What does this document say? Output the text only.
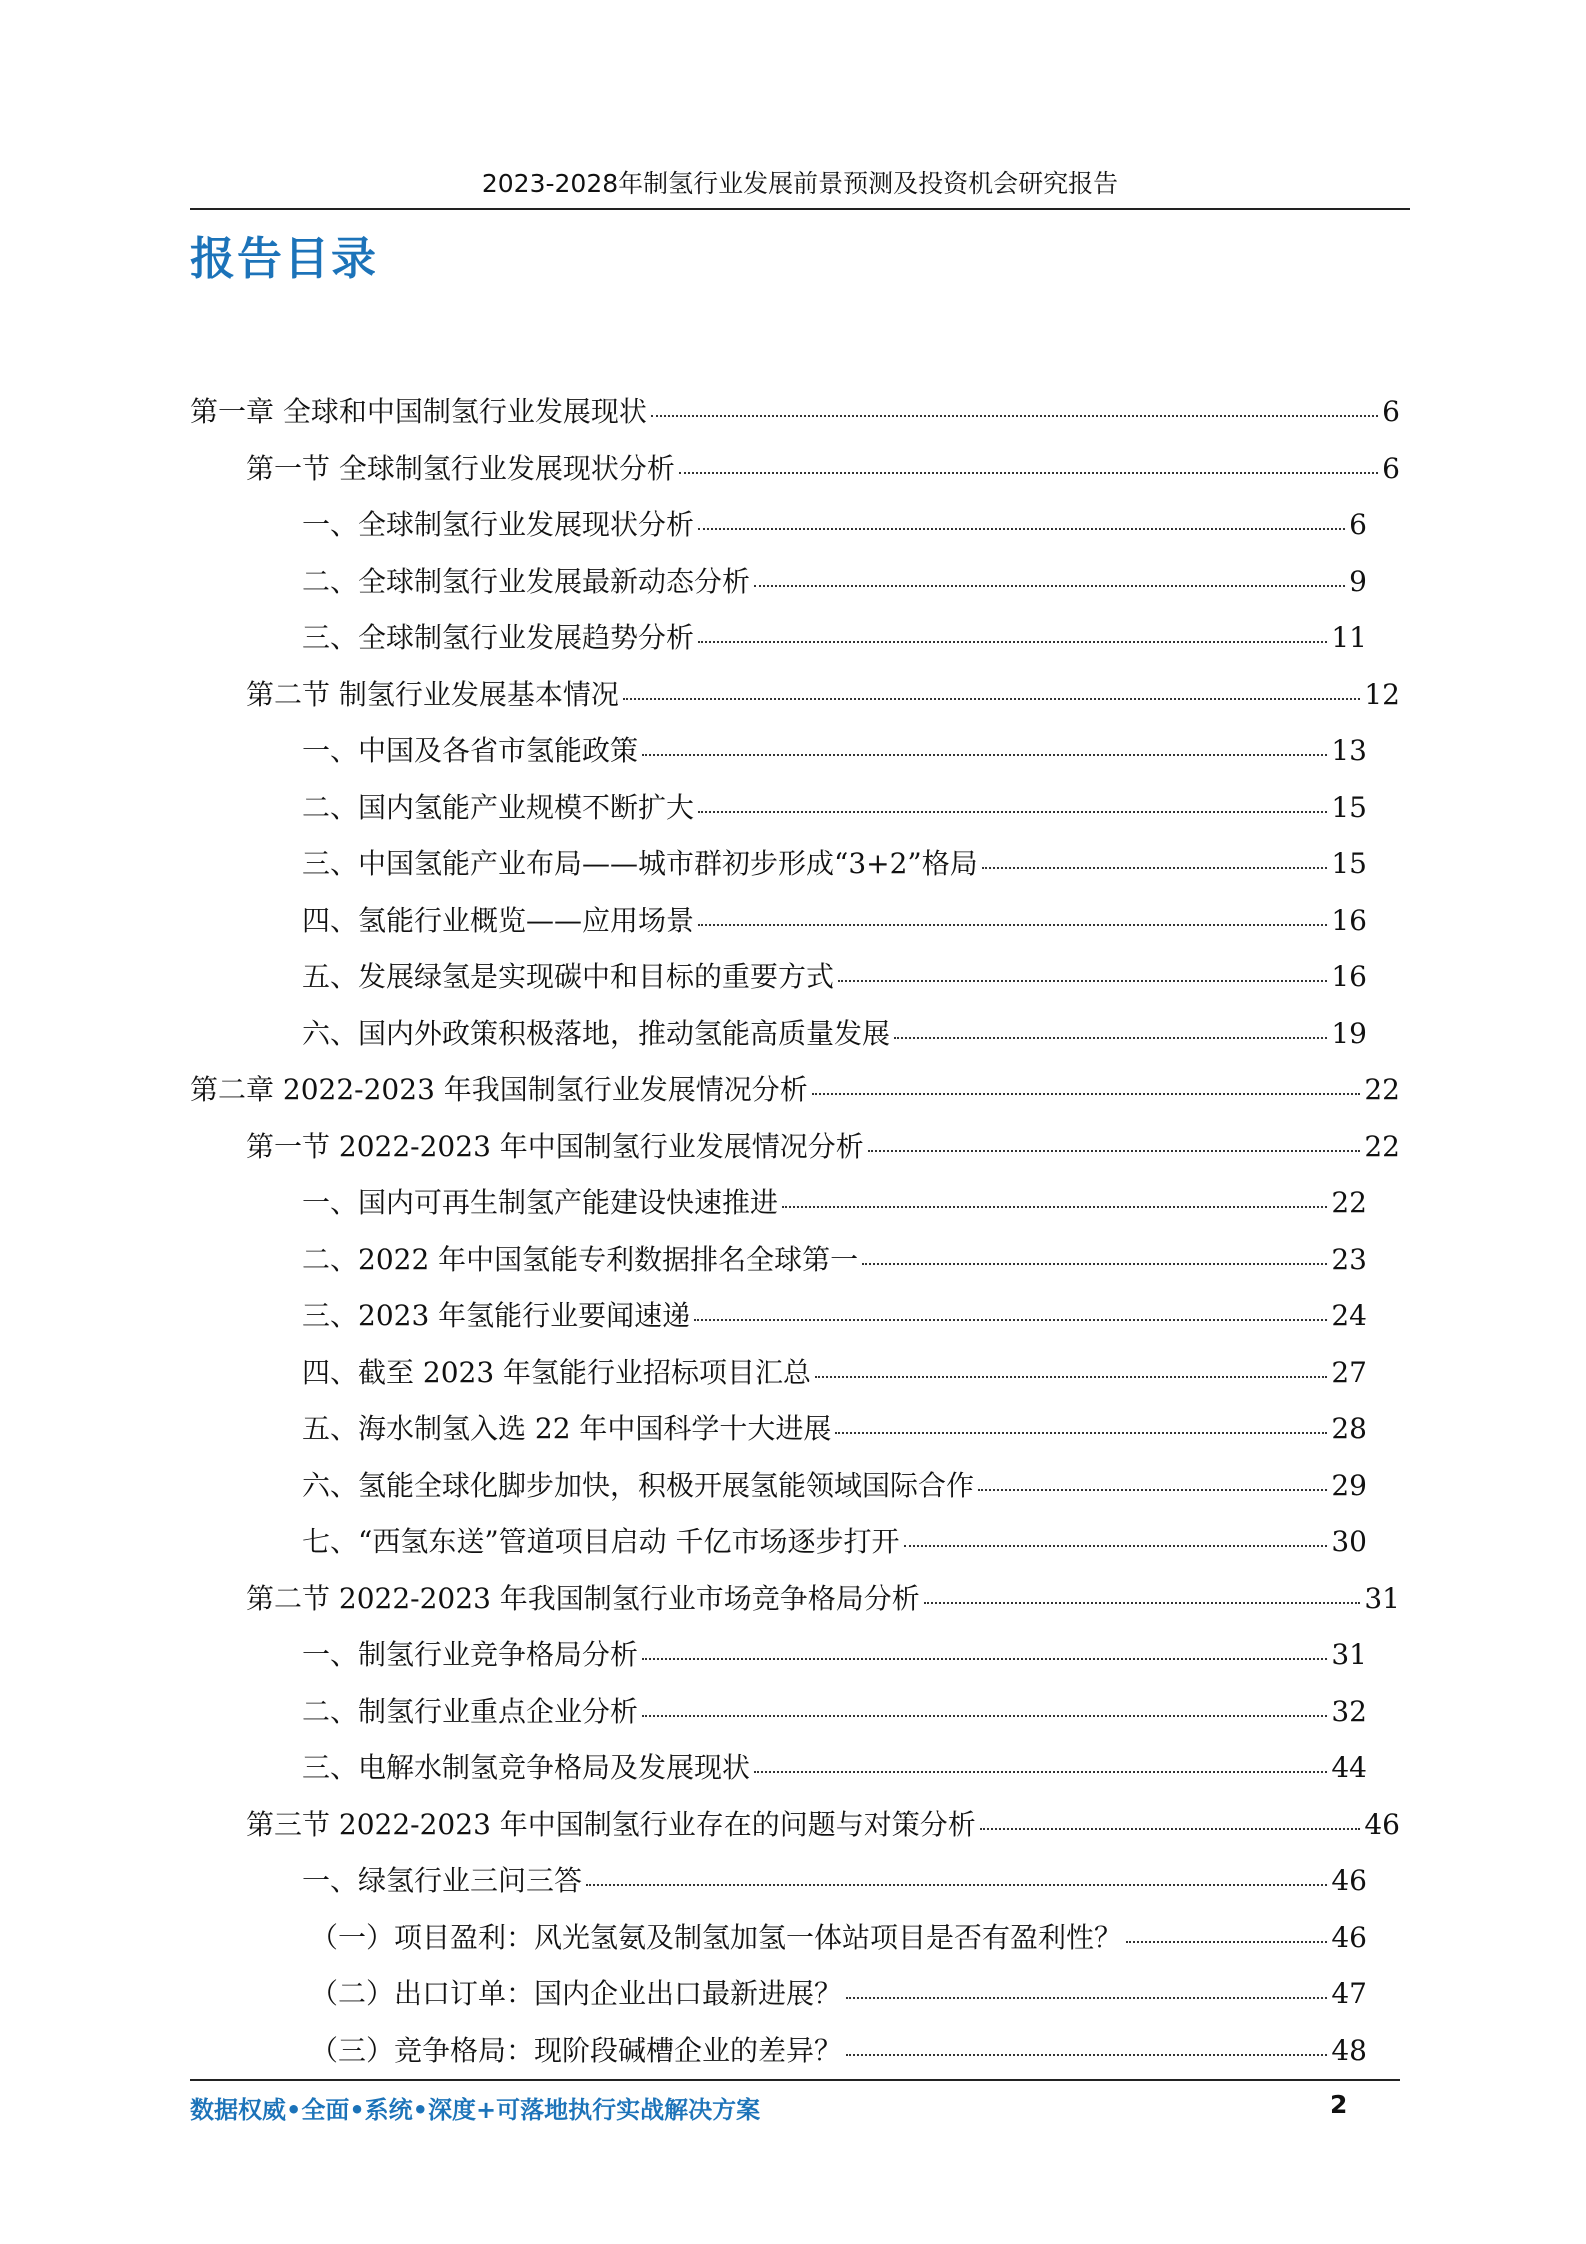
2023-2028年制氢行业发展前景预测及投资机会研究报告
报告目录
第一章 全球和中国制氢行业发展现状	6
第一节 全球制氢行业发展现状分析	6
一、全球制氢行业发展现状分析	6
二、全球制氢行业发展最新动态分析	9
三、全球制氢行业发展趋势分析	11
第二节 制氢行业发展基本情况	12
一、中国及各省市氢能政策	13
二、国内氢能产业规模不断扩大	15
三、中国氢能产业布局——城市群初步形成“3+2”格局	15
四、氢能行业概览——应用场景	16
五、发展绿氢是实现碳中和目标的重要方式	16
六、国内外政策积极落地，推动氢能高质量发展	19
第二章 2022-2023 年我国制氢行业发展情况分析	22
第一节 2022-2023 年中国制氢行业发展情况分析	22
一、国内可再生制氢产能建设快速推进	22
二、2022 年中国氢能专利数据排名全球第一	23
三、2023 年氢能行业要闻速递	24
四、截至 2023 年氢能行业招标项目汇总	27
五、海水制氢入选 22 年中国科学十大进展	28
六、氢能全球化脚步加快，积极开展氢能领域国际合作	29
七、“西氢东送”管道项目启动 千亿市场逐步打开	30
第二节 2022-2023 年我国制氢行业市场竞争格局分析	31
一、制氢行业竞争格局分析	31
二、制氢行业重点企业分析	32
三、电解水制氢竞争格局及发展现状	44
第三节 2022-2023 年中国制氢行业存在的问题与对策分析	46
一、绿氢行业三问三答	46
（一）项目盈利：风光氢氨及制氢加氢一体站项目是否有盈利性？	46
（二）出口订单：国内企业出口最新进展？	47
（三）竞争格局：现阶段碱槽企业的差异？	48
数据权威•全面•系统•深度+可落地执行实战解决方案	2
